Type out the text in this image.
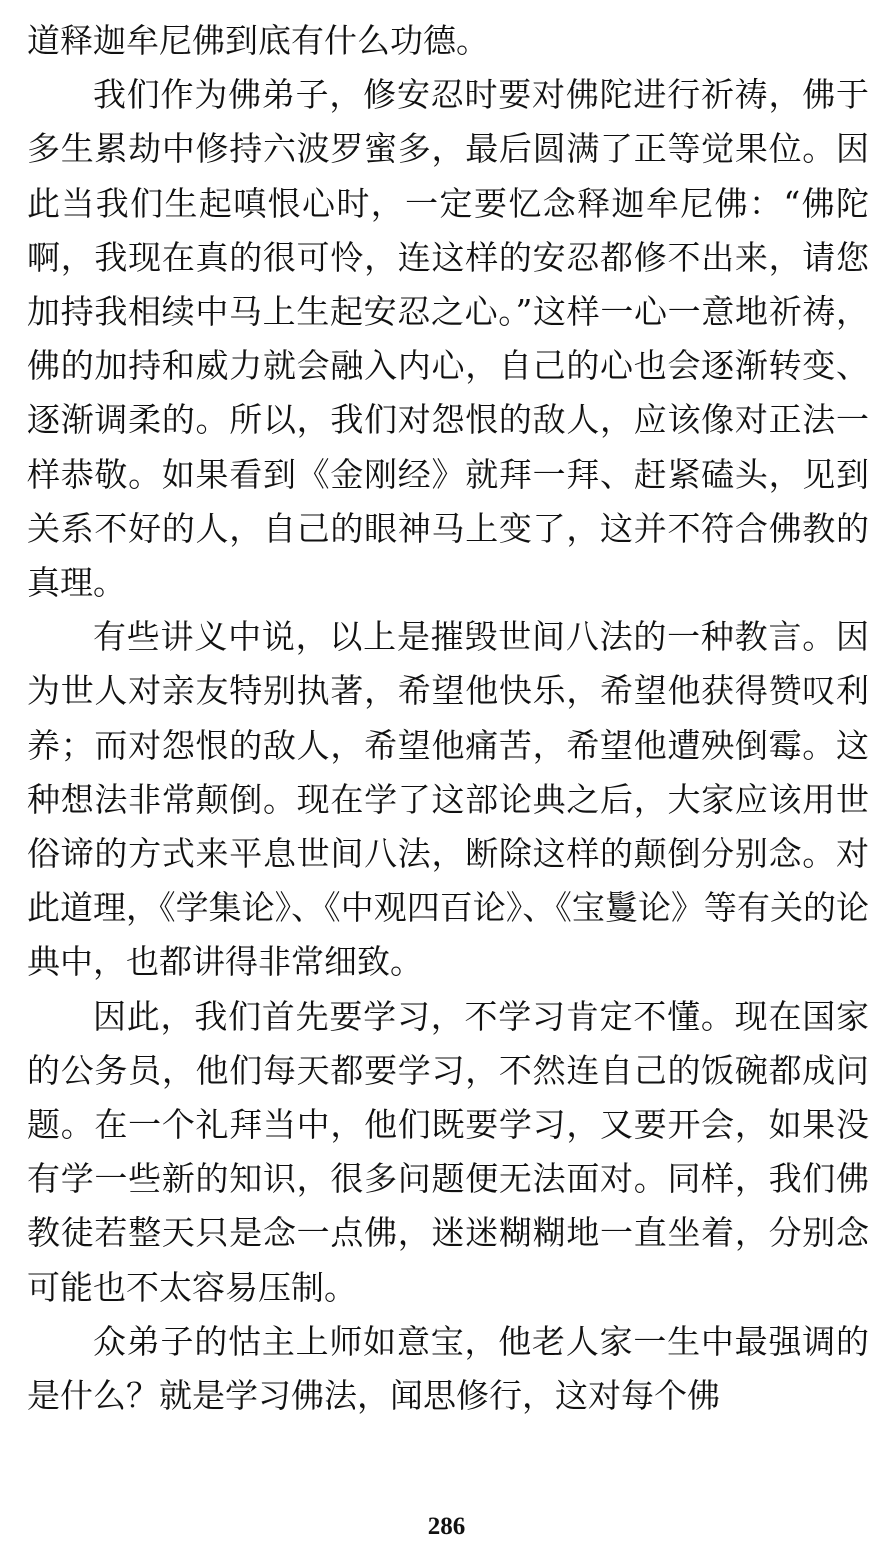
道释迦牟尼佛到底有什么功德。

我们作为佛弟子，修安忍时要对佛陀进行祈祷，佛于多生累劫中修持六波罗蜜多，最后圆满了正等觉果位。因此当我们生起嗔恨心时，一定要忆念释迦牟尼佛：“佛陀啊，我现在真的很可怜，连这样的安忍都修不出来，请您加持我相续中马上生起安忍之心。”这样一心一意地祈祷，佛的加持和威力就会融入内心，自己的心也会逐渐转变、逐渐调柔的。所以，我们对怨恨的敌人，应该像对正法一样恭敬。如果看到《金刚经》就拜一拜、赶紧磕头，见到关系不好的人，自己的眼神马上变了，这并不符合佛教的真理。

有些讲义中说，以上是摧毁世间八法的一种教言。因为世人对亲友特别执著，希望他快乐，希望他获得赞叹利养；而对怨恨的敌人，希望他痛苦，希望他遭殃倒霉。这种想法非常颠倒。现在学了这部论典之后，大家应该用世俗谛的方式来平息世间八法，断除这样的颠倒分别念。对此道理，《学集论》、《中观四百论》、《宝鬘论》等有关的论典中，也都讲得非常细致。

因此，我们首先要学习，不学习肯定不懂。现在国家的公务员，他们每天都要学习，不然连自己的饭碗都成问题。在一个礼拜当中，他们既要学习，又要开会，如果没有学一些新的知识，很多问题便无法面对。同样，我们佛教徒若整天只是念一点佛，迷迷糊糊地一直坐着，分别念可能也不太容易压制。

众弟子的怙主上师如意宝，他老人家一生中最强调的是什么？就是学习佛法，闻思修行，这对每个佛

286
